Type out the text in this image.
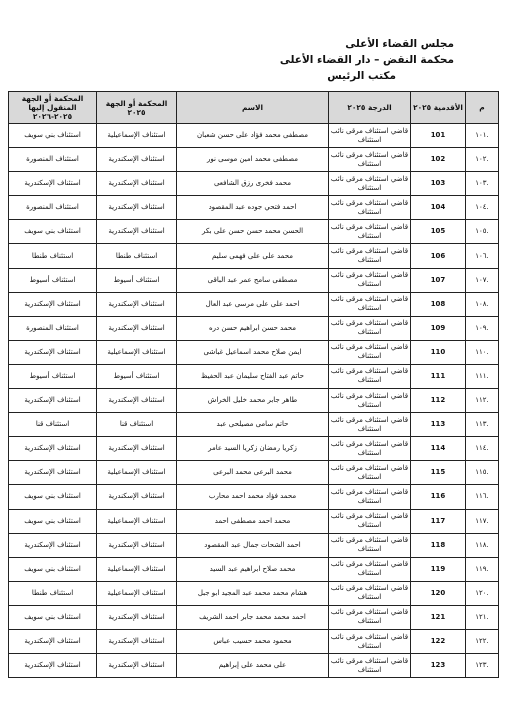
مجلس القضاء الأعلى
محكمة النقض – دار القضاء الأعلى
مكتب الرئيس
م	الأقدمية ٢٠٢٥	الدرجة ٢٠٢٥	الاسم	المحكمة أو الجهة ٢٠٢٥	المحكمة أو الجهة المنقول إليها ٢٠٢٥-٢٠٢٦
.١٠١	101	قاضي استئناف مرقى نائب استئناف	مصطفى محمد فؤاد على حسن شعبان	استئناف الإسماعيلية	استئناف بني سويف
.١٠٢	102	قاضي استئناف مرقى نائب استئناف	مصطفى محمد امين موسى نور	استئناف الإسكندرية	استئناف المنصورة
.١٠٣	103	قاضي استئناف مرقى نائب استئناف	محمد فخرى رزق الشافعى	استئناف الإسكندرية	استئناف الإسكندرية
.١٠٤	104	قاضي استئناف مرقى نائب استئناف	احمد فتحي جوده عبد المقصود	استئناف الإسكندرية	استئناف المنصورة
.١٠٥	105	قاضي استئناف مرقى نائب استئناف	الحسن محمد حسن حسن على بكر	استئناف الإسكندرية	استئناف بني سويف
.١٠٦	106	قاضي استئناف مرقى نائب استئناف	محمد على على فهمى سليم	استئناف طنطا	استئناف طنطا
.١٠٧	107	قاضي استئناف مرقى نائب استئناف	مصطفى سامح عمر عبد الباقى	استئناف أسيوط	استئناف أسيوط
.١٠٨	108	قاضي استئناف مرقى نائب استئناف	احمد على على مرسى عبد العال	استئناف الإسكندرية	استئناف الإسكندرية
.١٠٩	109	قاضي استئناف مرقى نائب استئناف	محمد حسن ابراهيم حسن دره	استئناف الإسكندرية	استئناف المنصورة
.١١٠	110	قاضي استئناف مرقى نائب استئناف	ايمن صلاح محمد اسماعيل غباشى	استئناف الإسماعيلية	استئناف الإسكندرية
.١١١	111	قاضي استئناف مرقى نائب استئناف	حاتم عبد الفتاح سليمان عبد الحفيظ	استئناف أسيوط	استئناف أسيوط
.١١٢	112	قاضي استئناف مرقى نائب استئناف	طاهر جابر محمد خليل الخراش	استئناف الإسكندرية	استئناف الإسكندرية
.١١٣	113	قاضي استئناف مرقى نائب استئناف	حاتم سامى مصيلحى عبد	استئناف قنا	استئناف قنا
.١١٤	114	قاضي استئناف مرقى نائب استئناف	زكريا رمضان زكريا السيد عامر	استئناف الإسكندرية	استئناف الإسكندرية
.١١٥	115	قاضي استئناف مرقى نائب استئناف	محمد البرعى محمد البرعى	استئناف الإسماعيلية	استئناف الإسكندرية
.١١٦	116	قاضي استئناف مرقى نائب استئناف	محمد فؤاد محمد احمد محارب	استئناف الإسكندرية	استئناف بني سويف
.١١٧	117	قاضي استئناف مرقى نائب استئناف	محمد احمد مصطفى احمد	استئناف الإسماعيلية	استئناف بني سويف
.١١٨	118	قاضي استئناف مرقى نائب استئناف	احمد الشحات جمال عبد المقصود	استئناف الإسكندرية	استئناف الإسكندرية
.١١٩	119	قاضي استئناف مرقى نائب استئناف	محمد صلاح ابراهيم عبد السيد	استئناف الإسماعيلية	استئناف بني سويف
.١٢٠	120	قاضي استئناف مرقى نائب استئناف	هشام محمد محمد عبد المجيد ابو جبل	استئناف الإسماعيلية	استئناف طنطا
.١٢١	121	قاضي استئناف مرقى نائب استئناف	احمد محمد محمد جابر احمد الشريف	استئناف الإسكندرية	استئناف بني سويف
.١٢٢	122	قاضي استئناف مرقى نائب استئناف	محمود محمد حسيب عباس	استئناف الإسكندرية	استئناف الإسكندرية
.١٢٣	123	قاضي استئناف مرقى نائب استئناف	على محمد على إبراهيم	استئناف الإسكندرية	استئناف الإسكندرية
